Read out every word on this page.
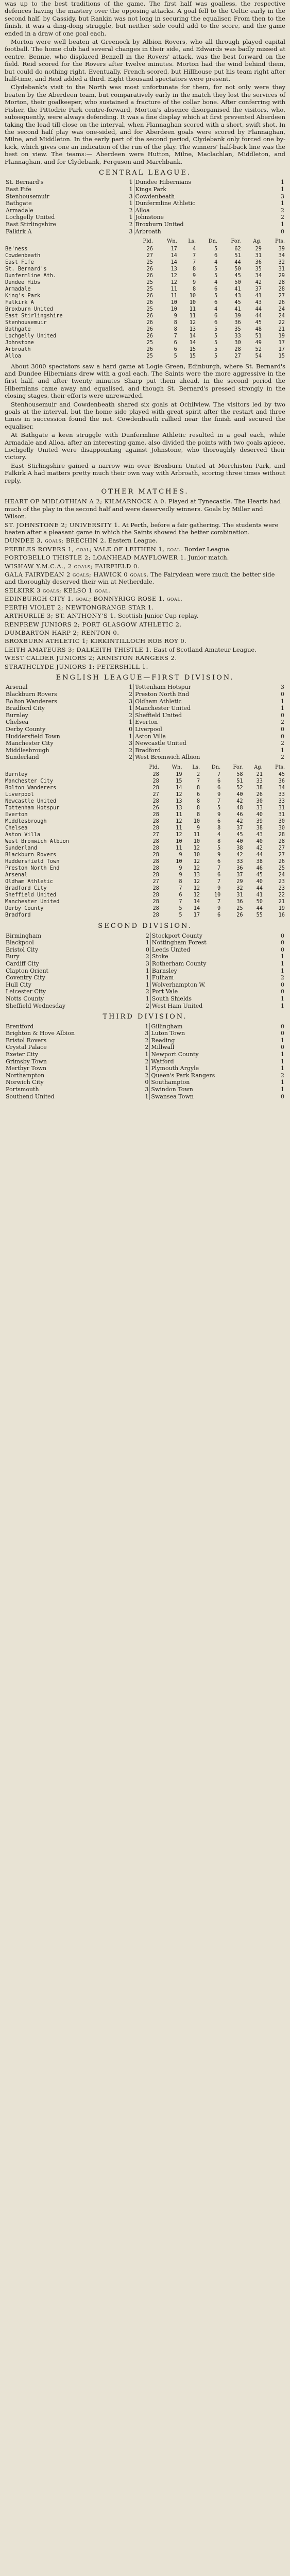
was up to the best traditions of the game. The first half was goalless, the respective defences having the mastery over the opposing attacks. A goal fell to the Celtic early in the second half, by Cassidy, but Rankin was not long in securing the equaliser. From then to the finish, it was a ding-dong struggle, but neither side could add to the score, and the game ended in a draw of one goal each.

Morton were well beaten at Greenock by Albion Rovers, who all through played capital football. The home club had several changes in their side, and Edwards was badly missed at centre. Bennie, who displaced Benzell in the Rovers' attack, was the best forward on the field. Reid scored for the Rovers after twelve minutes. Morton had the wind behind them, but could do nothing right. Eventually, French scored, but Hillhouse put his team right after half-time, and Reid added a third. Eight thousand spectators were present.

Clydebank's visit to the North was most unfortunate for them, for not only were they beaten by the Aberdeen team, but comparatively early in the match they lost the services of Morton, their goalkeeper, who sustained a fracture of the collar bone. After conferring with Fisher, the Pittodrie Park centre-forward, Morton's absence disorganised the visitors, who, subsequently, were always defending. It was a fine display which at first prevented Aberdeen taking the lead till close on the interval, when Flannaghan scored with a short, swift shot. In the second half play was one-sided, and for Aberdeen goals were scored by Flannaghan, Milne, and Middleton. In the early part of the second period, Clydebank only forced one by-kick, which gives one an indication of the run of the play. The winners' half-back line was the best on view. The teams:— Aberdeen were Hutton, Milne, Maclachlan, Middleton, and Flannaghan, and for Clydebank, Ferguson and Marchbank.

CENTRAL LEAGUE.
St. Bernard's	1	Dundee Hibernians	1
East Fife	1	Kings Park	1
Stenhousemuir	3	Cowdenbeath	3
Bathgate	1	Dunfermline Athletic	1
Armadale	2	Alloa	2
Lochgelly United	1	Johnstone	2
East Stirlingshire	2	Broxburn United	1
Falkirk A	3	Arbroath	0
	Pld.	Wn.	Ls.	Dn.	For.	Ag.	Pts.
Be'ness	26	17	4	5	62	29	39
Cowdenbeath	27	14	7	6	51	31	34
East Fife	25	14	7	4	44	36	32
St. Bernard's	26	13	8	5	50	35	31
Dunfermline Ath.	26	12	9	5	45	34	29
Dundee Hibs	25	12	9	4	50	42	28
Armadale	25	11	8	6	41	37	28
King's Park	26	11	10	5	43	41	27
Falkirk A	26	10	10	6	45	43	26
Broxburn United	25	10	11	4	41	44	24
East Stirlingshire	26	9	11	6	39	44	24
Stenhousemuir	26	8	12	6	36	45	22
Bathgate	26	8	13	5	35	48	21
Lochgelly United	26	7	14	5	33	51	19
Johnstone	25	6	14	5	30	49	17
Arbroath	26	6	15	5	28	52	17
Alloa	25	5	15	5	27	54	15

About 3000 spectators saw a hard game at Logie Green, Edinburgh, where St. Bernard's and Dundee Hibernians drew with a goal each. The Saints were the more aggressive in the first half, and after twenty minutes Sharp put them ahead. In the second period the Hibernians came away and equalised, and though St. Bernard's pressed strongly in the closing stages, their efforts were unrewarded.

Stenhousemuir and Cowdenbeath shared six goals at Ochilview. The visitors led by two goals at the interval, but the home side played with great spirit after the restart and three times in succession found the net. Cowdenbeath rallied near the finish and secured the equaliser.

At Bathgate a keen struggle with Dunfermline Athletic resulted in a goal each, while Armadale and Alloa, after an interesting game, also divided the points with two goals apiece. Lochgelly United were disappointing against Johnstone, who thoroughly deserved their victory.

East Stirlingshire gained a narrow win over Broxburn United at Merchiston Park, and Falkirk A had matters pretty much their own way with Arbroath, scoring three times without reply.

OTHER MATCHES.

HEART OF MIDLOTHIAN A 2; KILMARNOCK A 0. Played at Tynecastle. The Hearts had much of the play in the second half and were deservedly winners. Goals by Miller and Wilson.

ST. JOHNSTONE 2; UNIVERSITY 1. At Perth, before a fair gathering. The students were beaten after a pleasant game in which the Saints showed the better combination.

DUNDEE 3, goals; BRECHIN 2. Eastern League.

PEEBLES ROVERS 1, goal; VALE OF LEITHEN 1, goal. Border League.

PORTOBELLO THISTLE 2; LOANHEAD MAYFLOWER 1. Junior match.

WISHAW Y.M.C.A., 2 goals; FAIRFIELD 0.

GALA FAIRYDEAN 2 goals; HAWICK 0 goals. The Fairydean were much the better side and thoroughly deserved their win at Netherdale.

SELKIRK 3 goals; KELSO 1 goal.

EDINBURGH CITY 1, goal; BONNYRIGG ROSE 1, goal.

PERTH VIOLET 2; NEWTONGRANGE STAR 1.

ARTHURLIE 3; ST. ANTHONY'S 1. Scottish Junior Cup replay.

RENFREW JUNIORS 2; PORT GLASGOW ATHLETIC 2.

DUMBARTON HARP 2; RENTON 0.

BROXBURN ATHLETIC 1; KIRKINTILLOCH ROB ROY 0.

LEITH AMATEURS 3; DALKEITH THISTLE 1. East of Scotland Amateur League.

WEST CALDER JUNIORS 2; ARNISTON RANGERS 2.

STRATHCLYDE JUNIORS 1; PETERSHILL 1.

ENGLISH LEAGUE—FIRST DIVISION.
Arsenal	1	Tottenham Hotspur	3
Blackburn Rovers	2	Preston North End	0
Bolton Wanderers	3	Oldham Athletic	1
Bradford City	1	Manchester United	1
Burnley	2	Sheffield United	0
Chelsea	1	Everton	2
Derby County	0	Liverpool	0
Huddersfield Town	1	Aston Villa	0
Manchester City	3	Newcastle United	2
Middlesbrough	2	Bradford	1
Sunderland	2	West Bromwich Albion	2
	Pld.	Wn.	Ls.	Dn.	For.	Ag.	Pts.
Burnley	28	19	2	7	58	21	45
Manchester City	28	15	7	6	51	33	36
Bolton Wanderers	28	14	8	6	52	38	34
Liverpool	27	12	6	9	40	26	33
Newcastle United	28	13	8	7	42	30	33
Tottenham Hotspur	26	13	8	5	48	33	31
Everton	28	11	8	9	46	40	31
Middlesbrough	28	12	10	6	42	39	30
Chelsea	28	11	9	8	37	38	30
Aston Villa	27	12	11	4	45	43	28
West Bromwich Albion	28	10	10	8	40	40	28
Sunderland	28	11	12	5	38	42	27
Blackburn Rovers	28	9	10	9	42	44	27
Huddersfield Town	28	10	12	6	33	38	26
Preston North End	28	9	12	7	36	46	25
Arsenal	28	9	13	6	37	45	24
Oldham Athletic	27	8	12	7	29	40	23
Bradford City	28	7	12	9	32	44	23
Sheffield United	28	6	12	10	31	41	22
Manchester United	28	7	14	7	36	50	21
Derby County	28	5	14	9	25	44	19
Bradford	28	5	17	6	26	55	16
SECOND DIVISION.
Birmingham	2	Stockport County	0
Blackpool	1	Nottingham Forest	0
Bristol City	0	Leeds United	0
Bury	2	Stoke	1
Cardiff City	3	Rotherham County	1
Clapton Orient	1	Barnsley	1
Coventry City	1	Fulham	2
Hull City	1	Wolverhampton W.	0
Leicester City	2	Port Vale	0
Notts County	1	South Shields	1
Sheffield Wednesday	2	West Ham United	1
THIRD DIVISION.
Brentford	1	Gillingham	0
Brighton & Hove Albion	3	Luton Town	0
Bristol Rovers	2	Reading	1
Crystal Palace	2	Millwall	0
Exeter City	1	Newport County	1
Grimsby Town	2	Watford	1
Merthyr Town	1	Plymouth Argyle	1
Northampton	2	Queen's Park Rangers	2
Norwich City	0	Southampton	1
Portsmouth	3	Swindon Town	1
Southend United	1	Swansea Town	0
